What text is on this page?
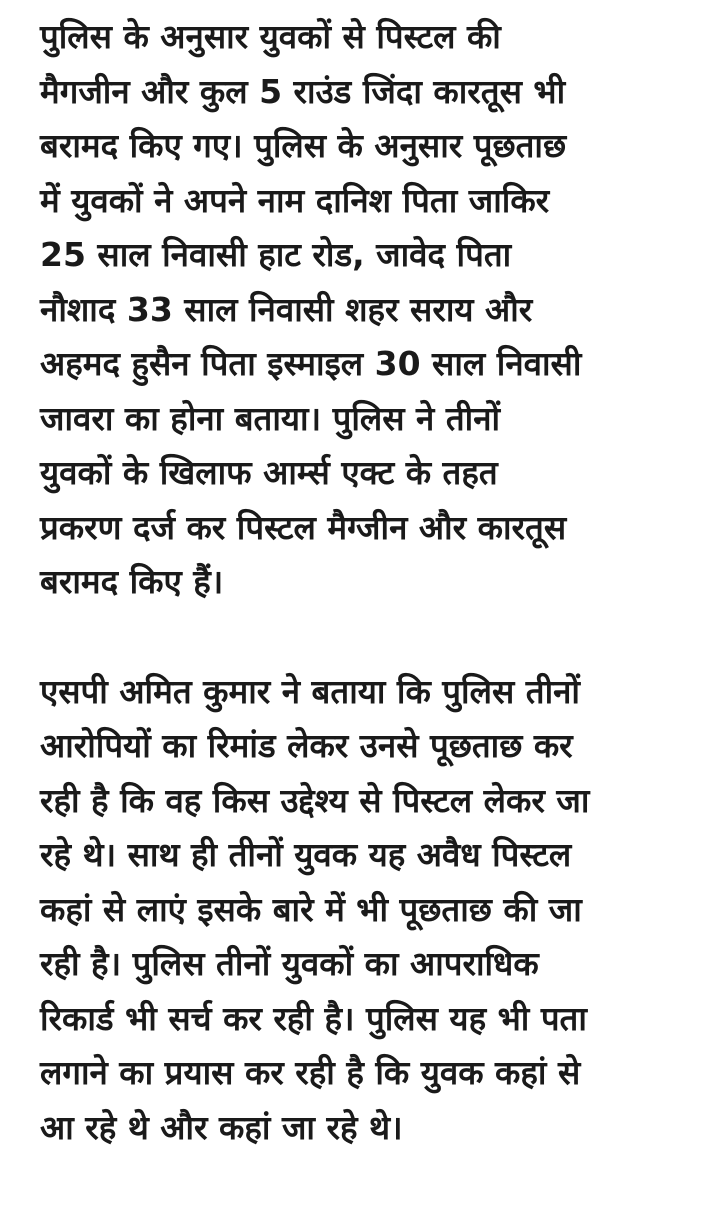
पुलिस के अनुसार युवकों से पिस्टल की
मैगजीन और कुल 5 राउंड जिंदा कारतूस भी
बरामद किए गए। पुलिस के अनुसार पूछताछ
में युवकों ने अपने नाम दानिश पिता जाकिर
25 साल निवासी हाट रोड, जावेद पिता
नौशाद 33 साल निवासी शहर सराय और
अहमद हुसैन पिता इस्माइल 30 साल निवासी
जावरा का होना बताया। पुलिस ने तीनों
युवकों के खिलाफ आर्म्स एक्ट के तहत
प्रकरण दर्ज कर पिस्टल मैग्जीन और कारतूस
बरामद किए हैं।

एसपी अमित कुमार ने बताया कि पुलिस तीनों
आरोपियों का रिमांड लेकर उनसे पूछताछ कर
रही है कि वह किस उद्देश्य से पिस्टल लेकर जा
रहे थे। साथ ही तीनों युवक यह अवैध पिस्टल
कहां से लाएं इसके बारे में भी पूछताछ की जा
रही है। पुलिस तीनों युवकों का आपराधिक
रिकार्ड भी सर्च कर रही है। पुलिस यह भी पता
लगाने का प्रयास कर रही है कि युवक कहां से
आ रहे थे और कहां जा रहे थे।
